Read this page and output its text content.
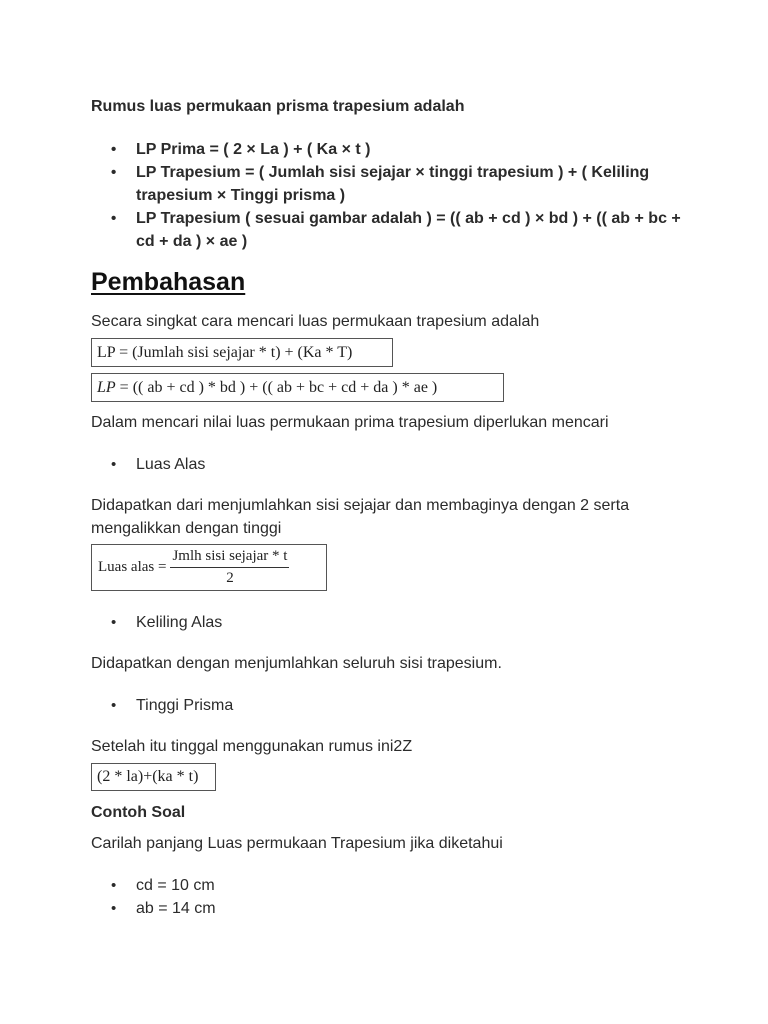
Rumus luas permukaan prisma trapesium adalah

• LP Prima = ( 2 × La ) + ( Ka × t )
• LP Trapesium = ( Jumlah sisi sejajar × tinggi trapesium ) + ( Keliling trapesium × Tinggi prisma )
• LP Trapesium ( sesuai gambar adalah ) = (( ab + cd ) × bd ) + (( ab + bc + cd + da ) × ae )
Pembahasan

Secara singkat cara mencari luas permukaan trapesium adalah

LP = (Jumlah sisi sejajar * t) + (Ka * T)
LP = (( ab + cd ) * bd ) + (( ab + bc + cd + da ) * ae )

Dalam mencari nilai luas permukaan prima trapesium diperlukan mencari

• Luas Alas

Didapatkan dari menjumlahkan sisi sejajar dan membaginya dengan 2 serta mengalikkan dengan tinggi

Luas alas = $\frac{\text{Jmlh sisi sejajar * t}}{2}$
• Keliling Alas

Didapatkan dengan menjumlahkan seluruh sisi trapesium.

• Tinggi Prisma

Setelah itu tinggal menggunakan rumus ini2Z

(2 * la)+(ka * t)

Contoh Soal

Carilah panjang Luas permukaan Trapesium jika diketahui

• cd = 10 cm
• ab = 14 cm
